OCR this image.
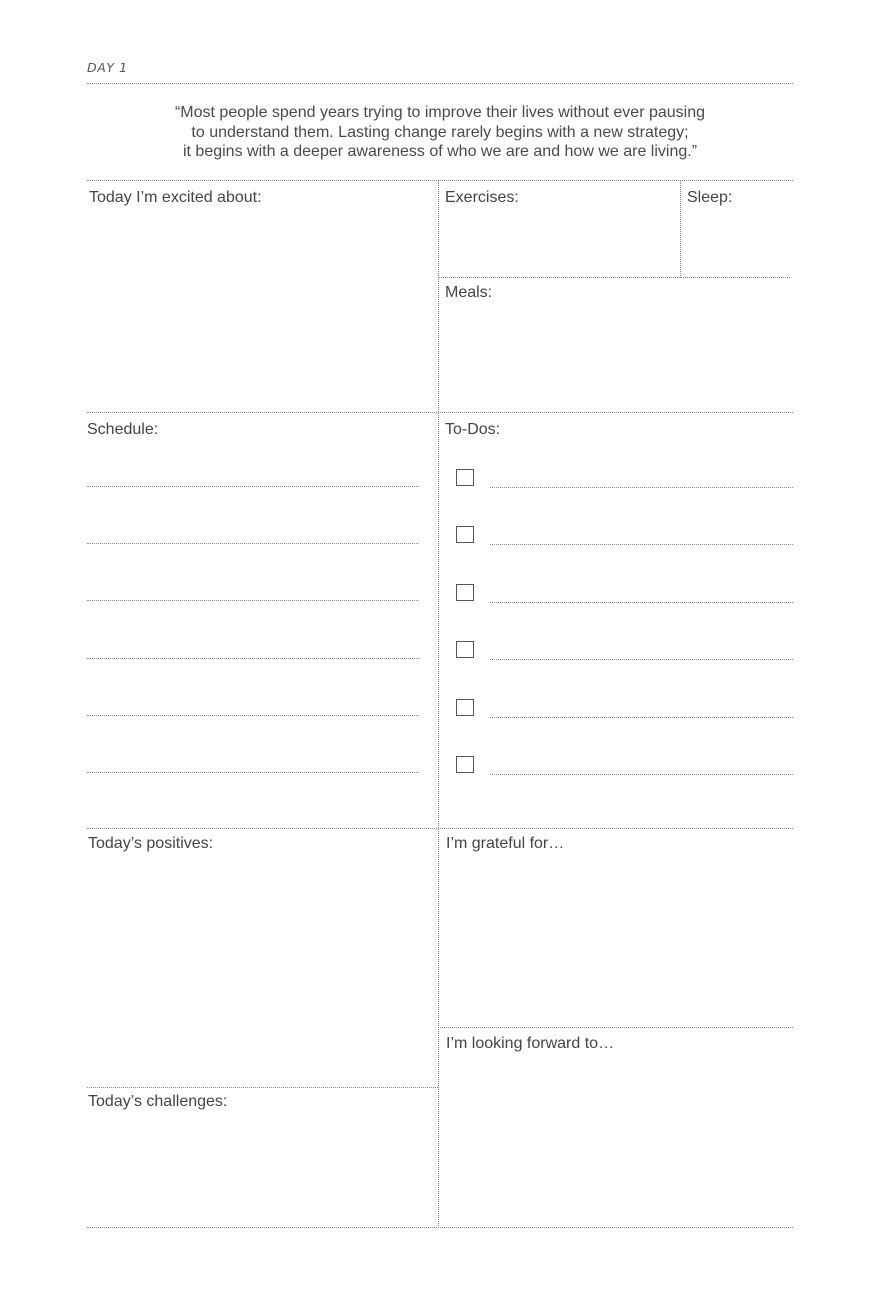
DAY 1
“Most people spend years trying to improve their lives without ever pausing
to understand them. Lasting change rarely begins with a new strategy;
it begins with a deeper awareness of who we are and how we are living.”
Today I’m excited about:	Exercises:	Sleep:
Meals:
Schedule:	To-Dos:
Today’s positives:	I’m grateful for…
I’m looking forward to…
Today’s challenges:
